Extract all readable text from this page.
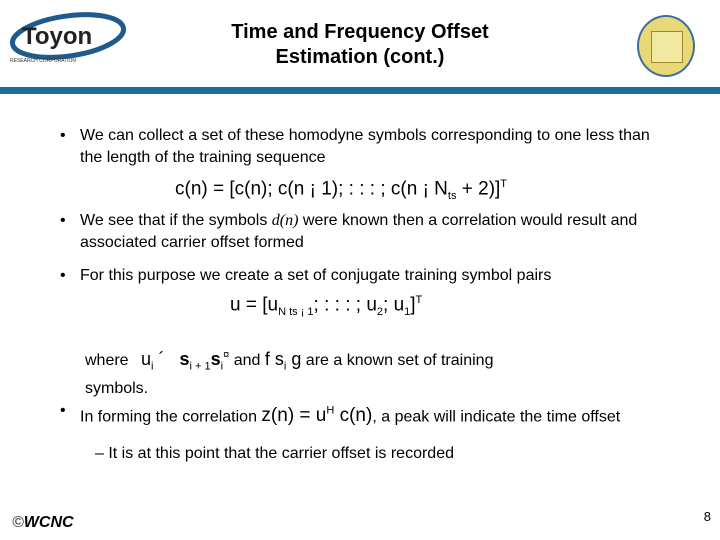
Toyon
RESEARCH CORPORATION
Time and Frequency Offset
Estimation (cont.)
• We can collect a set of these homodyne symbols corresponding to one less than the length of the training sequence
c(n) = [c(n); c(n ¡ 1); : : : ; c(n ¡ $N_{ts} + 2)]^T$
• We see that if the symbols d(n) were known then a correlation would result and associated carrier offset formed
• For this purpose we create a set of conjugate training symbol pairs
$u = [u_{N ts ¡ 1}$; : : : ; $u_2$; $u_1]^T$
where $u_i$ ´ $s_{i + 1}s_i^¤$ and f $s_i$ g are a known set of training
symbols.
• In forming the correlation $z(n) = u^H$ c(n), a peak will indicate the time offset
– It is at this point that the carrier offset is recorded
©WCNC	8
